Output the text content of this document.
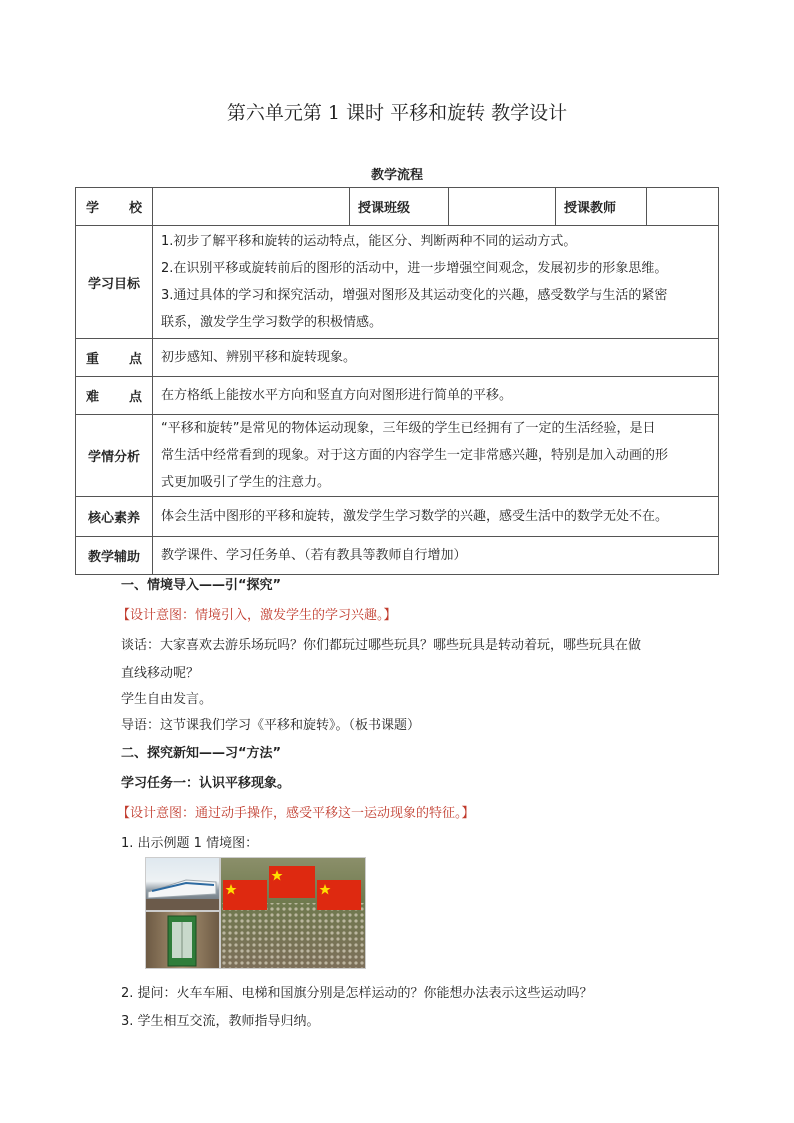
第六单元第 1 课时 平移和旋转 教学设计
教学流程
学 校		授课班级		授课教师	
学习目标	1.初步了解平移和旋转的运动特点，能区分、判断两种不同的运动方式。
2.在识别平移或旋转前后的图形的活动中，进一步增强空间观念，发展初步的形象思维。
3.通过具体的学习和探究活动，增强对图形及其运动变化的兴趣，感受数学与生活的紧密
联系，激发学生学习数学的积极情感。				

重 点	初步感知、辨别平移和旋转现象。				

难 点	在方格纸上能按水平方向和竖直方向对图形进行简单的平移。				
学情分析	“平移和旋转”是常见的物体运动现象，三年级的学生已经拥有了一定的生活经验，是日
常生活中经常看到的现象。对于这方面的内容学生一定非常感兴趣，特别是加入动画的形
式更加吸引了学生的注意力。				

核心素养	体会生活中图形的平移和旋转，激发学生学习数学的兴趣，感受生活中的数学无处不在。				
教学辅助	教学课件、学习任务单、（若有教具等教师自行增加）				
一、情境导入——引“探究”
【设计意图：情境引入，激发学生的学习兴趣。】
谈话：大家喜欢去游乐场玩吗？你们都玩过哪些玩具？哪些玩具是转动着玩，哪些玩具在做
直线移动呢？
学生自由发言。
导语：这节课我们学习《平移和旋转》。（板书课题）
二、探究新知——习“方法”
学习任务一：认识平移现象。
【设计意图：通过动手操作，感受平移这一运动现象的特征。】
1. 出示例题 1 情境图：
2. 提问：火车车厢、电梯和国旗分别是怎样运动的？你能想办法表示这些运动吗？
3. 学生相互交流，教师指导归纳。
